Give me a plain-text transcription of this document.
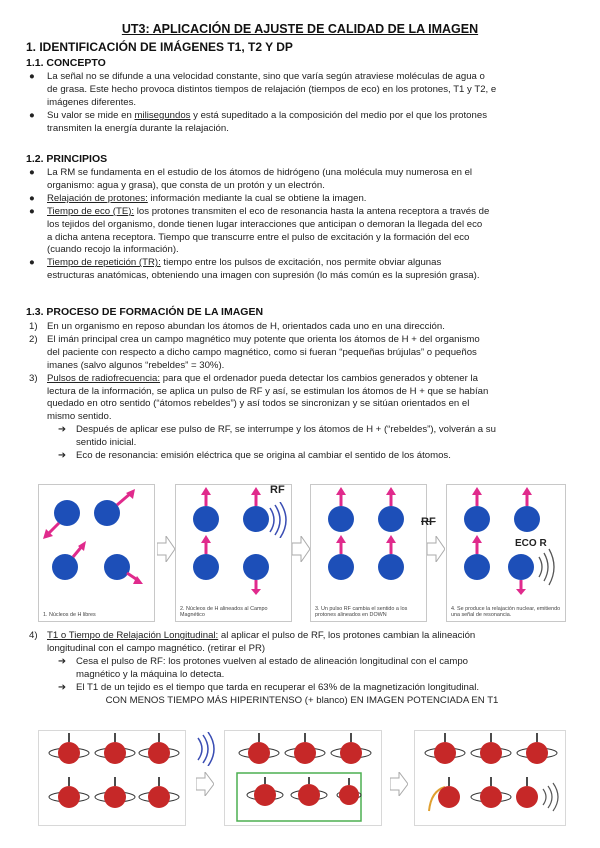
UT3: APLICACIÓN DE AJUSTE DE CALIDAD DE LA IMAGEN
1. IDENTIFICACIÓN DE IMÁGENES T1, T2 Y DP
1.1. CONCEPTO
● La señal no se difunde a una velocidad constante, sino que varía según atraviese moléculas de agua o
de grasa. Este hecho provoca distintos tiempos de relajación (tiempos de eco) en los protones, T1 y T2, e
imágenes diferentes.
● Su valor se mide en milisegundos y está supeditado a la composición del medio por el que los protones
transmiten la energía durante la relajación.
1.2. PRINCIPIOS
● La RM se fundamenta en el estudio de los átomos de hidrógeno (una molécula muy numerosa en el
organismo: agua y grasa), que consta de un protón y un electrón.
● Relajación de protones: información mediante la cual se obtiene la imagen.
● Tiempo de eco (TE): los protones transmiten el eco de resonancia hasta la antena receptora a través de
los tejidos del organismo, donde tienen lugar interacciones que anticipan o demoran la llegada del eco
a dicha antena receptora. Tiempo que transcurre entre el pulso de excitación y la formación del eco
(cuando recojo la información).
● Tiempo de repetición (TR): tiempo entre los pulsos de excitación, nos permite obviar algunas
estructuras anatómicas, obteniendo una imagen con supresión (lo más común es la supresión grasa).
1.3. PROCESO DE FORMACIÓN DE LA IMAGEN
1) En un organismo en reposo abundan los átomos de H, orientados cada uno en una dirección.
2) El imán principal crea un campo magnético muy potente que orienta los átomos de H + del organismo
del paciente con respecto a dicho campo magnético, como si fueran “pequeñas brújulas” o pequeños
imanes (salvo algunos “rebeldes” = 30%).
3) Pulsos de radiofrecuencia: para que el ordenador pueda detectar los cambios generados y obtener la
lectura de la información, se aplica un pulso de RF y así, se estimulan los átomos de H + que se habían
quedado en otro sentido (“átomos rebeldes”) y así todos se sincronizan y se sitúan orientados en el
mismo sentido.
➔ Después de aplicar ese pulso de RF, se interrumpe y los átomos de H + (“rebeldes”), volverán a su
sentido inicial.
➔ Eco de resonancia: emisión eléctrica que se origina al cambiar el sentido de los átomos.
1. Núcleos de H libres
2. Núcleos de H alineados al Campo Magnético
RF
3. Un pulso RF cambia el sentido a los protones alineados en DOWN
RF
ECO R
4. Se produce la relajación nuclear, emitiendo una señal de resonancia.
4) T1 o Tiempo de Relajación Longitudinal: al aplicar el pulso de RF, los protones cambian la alineación
longitudinal con el campo magnético. (retirar el PR)
➔ Cesa el pulso de RF: los protones vuelven al estado de alineación longitudinal con el campo
magnético y la máquina lo detecta.
➔ El T1 de un tejido es el tiempo que tarda en recuperar el 63% de la magnetización longitudinal.
CON MENOS TIEMPO MÁS HIPERINTENSO (+ blanco) EN IMAGEN POTENCIADA EN T1
